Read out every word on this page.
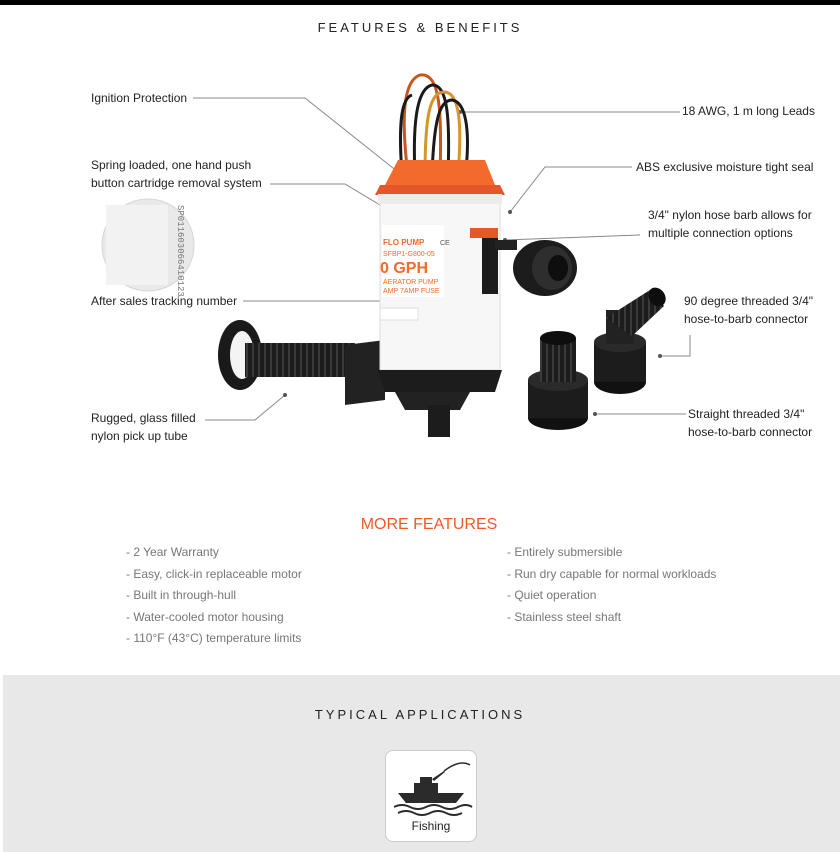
FEATURES & BENEFITS
SP011603066410123	FLO PUMP CE
SFBP1-G800-05
0 GPH
AERATOR PUMP
AMP 7AMP FUSE
Ignition Protection
Spring loaded, one hand push
button cartridge removal system
After sales tracking number
Rugged, glass filled
nylon pick up tube
18 AWG, 1 m long Leads
ABS exclusive moisture tight seal
3/4" nylon hose barb allows for
multiple connection options
90 degree threaded 3/4"
hose-to-barb connector
Straight threaded 3/4"
hose-to-barb connector
MORE FEATURES
- 2 Year Warranty
- Easy, click-in replaceable motor
- Built in through-hull
- Water-cooled motor housing
- 110°F (43°C) temperature limits
- Entirely submersible
- Run dry capable for normal workloads
- Quiet operation
- Stainless steel shaft
TYPICAL APPLICATIONS
Fishing
